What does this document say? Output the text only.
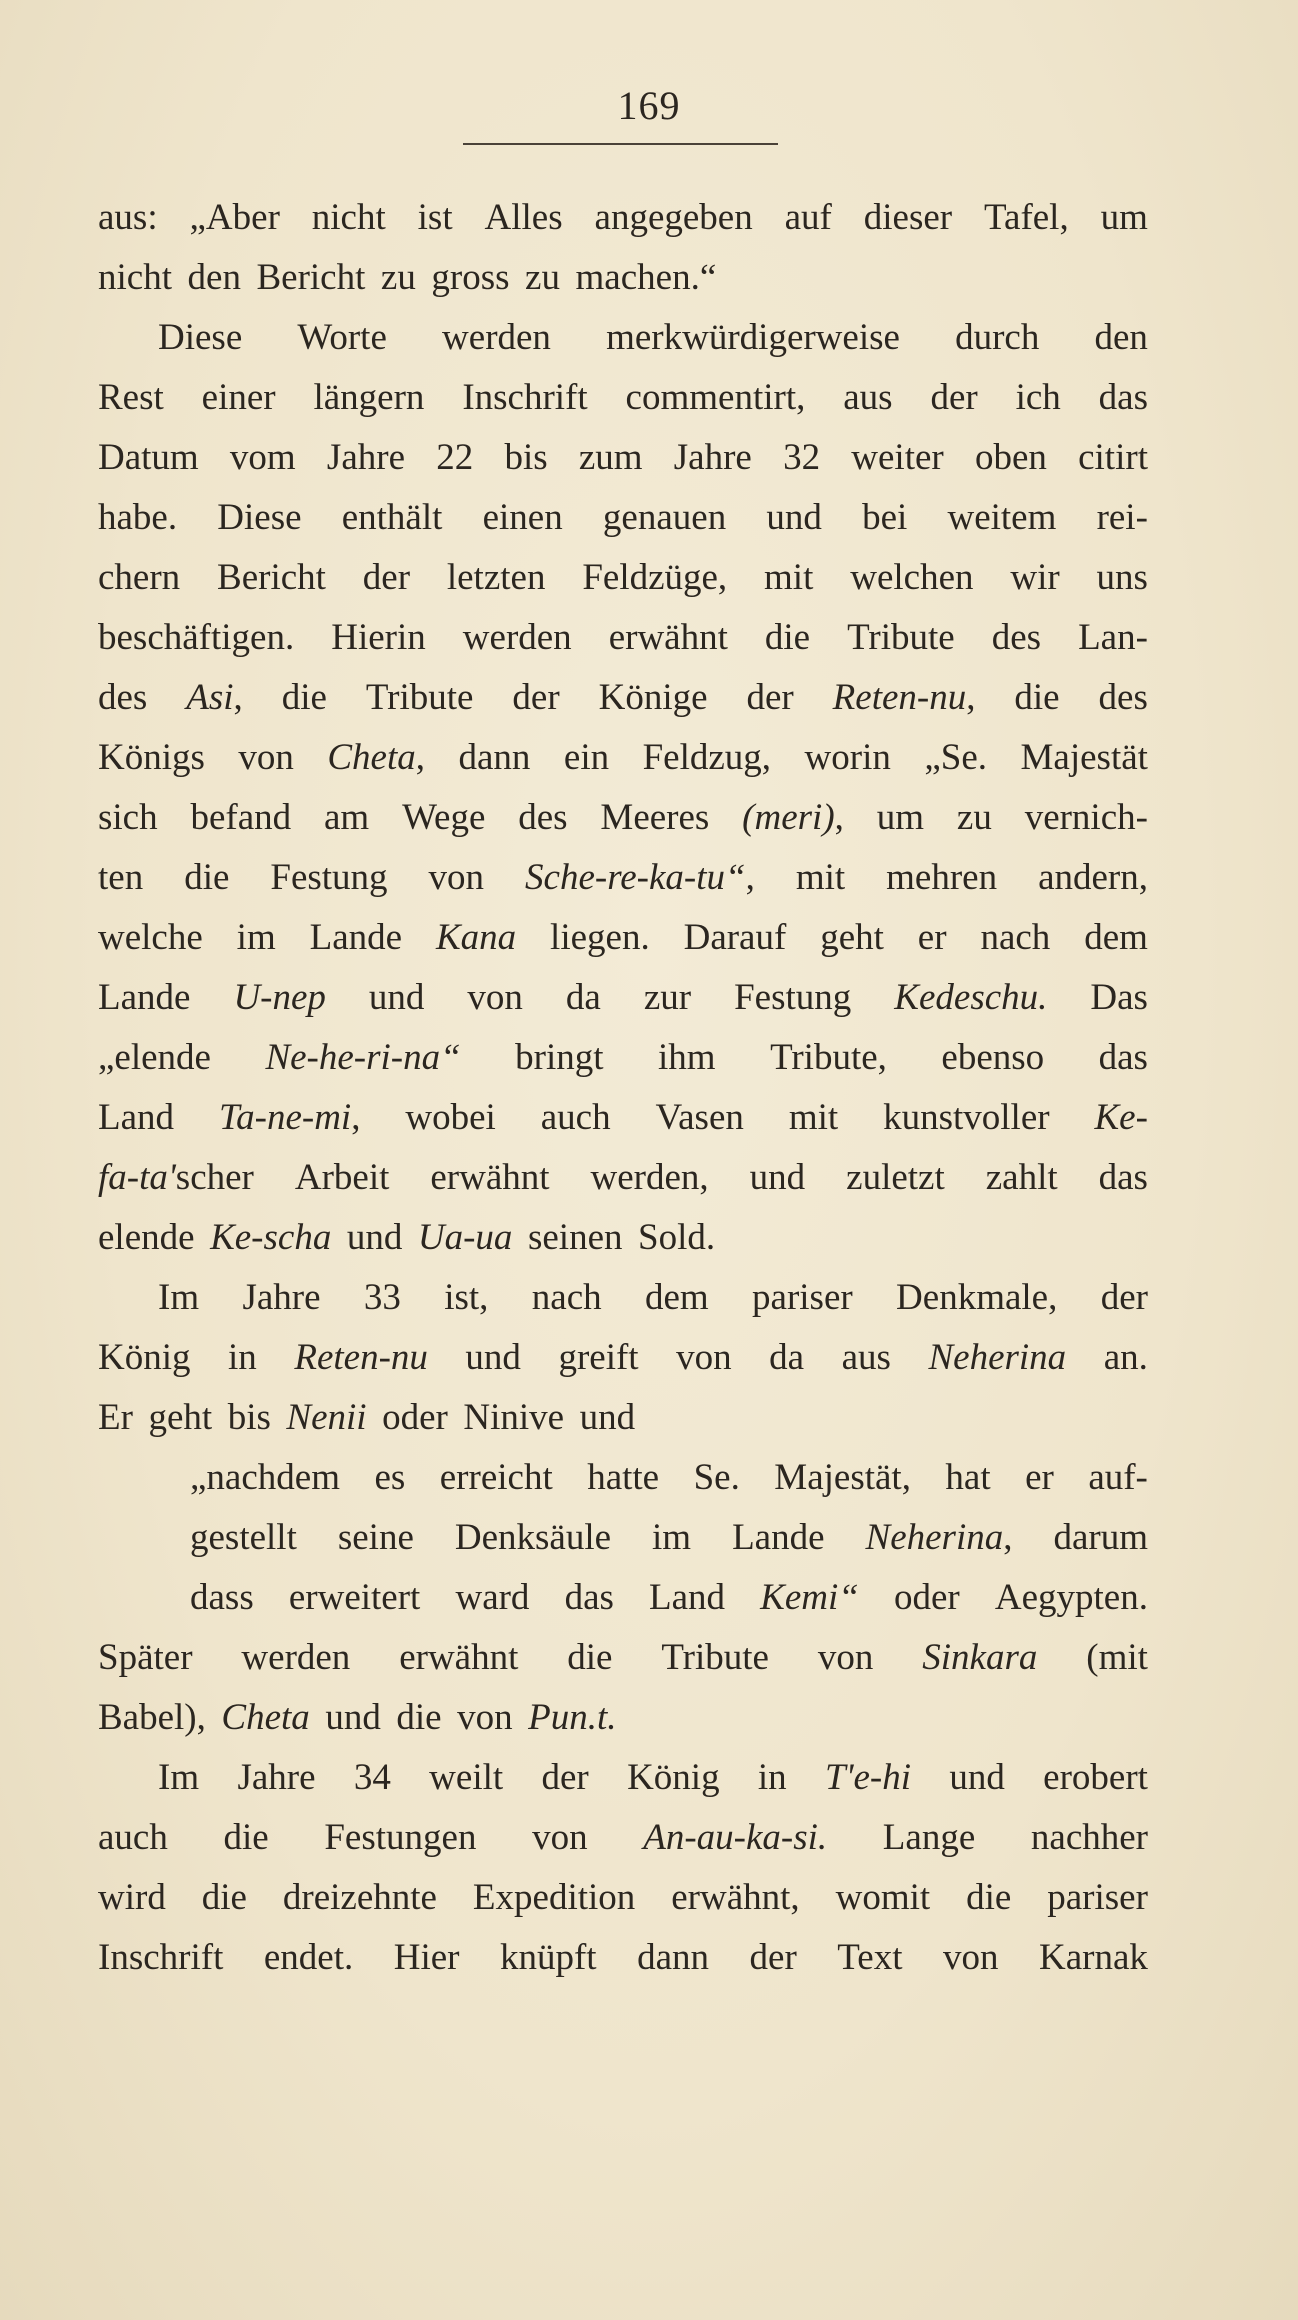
169
aus: „Aber nicht ist Alles angegeben auf dieser Tafel, um
nicht den Bericht zu gross zu machen.“
Diese Worte werden merkwürdigerweise durch den
Rest einer längern Inschrift commentirt, aus der ich das
Datum vom Jahre 22 bis zum Jahre 32 weiter oben citirt
habe. Diese enthält einen genauen und bei weitem rei-
chern Bericht der letzten Feldzüge, mit welchen wir uns
beschäftigen. Hierin werden erwähnt die Tribute des Lan-
des Asi, die Tribute der Könige der Reten-nu, die des
Königs von Cheta, dann ein Feldzug, worin „Se. Majestät
sich befand am Wege des Meeres (meri), um zu vernich-
ten die Festung von Sche-re-ka-tu“, mit mehren andern,
welche im Lande Kana liegen. Darauf geht er nach dem
Lande U-nep und von da zur Festung Kedeschu. Das
„elende Ne-he-ri-na“ bringt ihm Tribute, ebenso das
Land Ta-ne-mi, wobei auch Vasen mit kunstvoller Ke-
fa-ta'scher Arbeit erwähnt werden, und zuletzt zahlt das
elende Ke-scha und Ua-ua seinen Sold.
Im Jahre 33 ist, nach dem pariser Denkmale, der
König in Reten-nu und greift von da aus Neherina an.
Er geht bis Nenii oder Ninive und
„nachdem es erreicht hatte Se. Majestät, hat er auf-
gestellt seine Denksäule im Lande Neherina, darum
dass erweitert ward das Land Kemi“ oder Aegypten.
Später werden erwähnt die Tribute von Sinkara (mit
Babel), Cheta und die von Pun.t.
Im Jahre 34 weilt der König in T'e-hi und erobert
auch die Festungen von An-au-ka-si. Lange nachher
wird die dreizehnte Expedition erwähnt, womit die pariser
Inschrift endet. Hier knüpft dann der Text von Karnak
